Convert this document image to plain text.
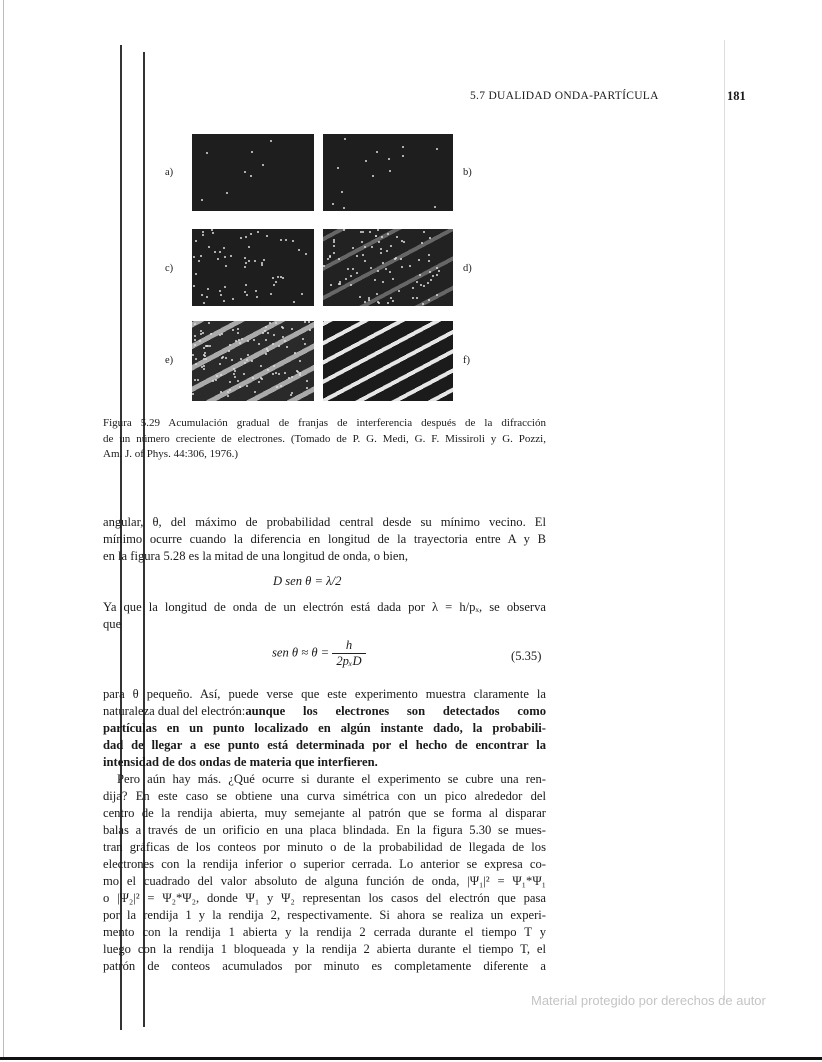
5.7 DUALIDAD ONDA-PARTÍCULA	181
a)	b)
c)	d)
e)	f)
Figura 5.29 Acumulación gradual de franjas de interferencia después de la difracción
de un número creciente de electrones. (Tomado de P. G. Medi, G. F. Missiroli y G. Pozzi,
Am. J. of Phys. 44:306, 1976.)
angular, θ, del máximo de probabilidad central desde su mínimo vecino. El
mínimo ocurre cuando la diferencia en longitud de la trayectoria entre A y B
en la figura 5.28 es la mitad de una longitud de onda, o bien,
D sen θ = λ/2
Ya que la longitud de onda de un electrón está dada por λ = h/pₓ, se observa
que
sen $\theta \approx \theta = \frac{h}{\text{2pₓD}}$	(5.35)
para θ pequeño. Así, puede verse que este experimento muestra claramente la
naturaleza dual del electrón: aunque los electrones son detectados como
partículas en un punto localizado en algún instante dado, la probabili-
dad de llegar a ese punto está determinada por el hecho de encontrar la
intensidad de dos ondas de materia que interfieren.
Pero aún hay más. ¿Qué ocurre si durante el experimento se cubre una ren-
dija? En este caso se obtiene una curva simétrica con un pico alrededor del
centro de la rendija abierta, muy semejante al patrón que se forma al disparar
balas a través de un orificio en una placa blindada. En la figura 5.30 se mues-
tran gráficas de los conteos por minuto o de la probabilidad de llegada de los
electrones con la rendija inferior o superior cerrada. Lo anterior se expresa co-
mo el cuadrado del valor absoluto de alguna función de onda, |Ψ₁|² = Ψ₁*Ψ₁
o |Ψ₂|² = Ψ₂*Ψ₂, donde Ψ₁ y Ψ₂ representan los casos del electrón que pasa
por la rendija 1 y la rendija 2, respectivamente. Si ahora se realiza un experi-
mento con la rendija 1 abierta y la rendija 2 cerrada durante el tiempo T y
luego con la rendija 1 bloqueada y la rendija 2 abierta durante el tiempo T, el
patrón de conteos acumulados por minuto es completamente diferente a
Material protegido por derechos de autor
